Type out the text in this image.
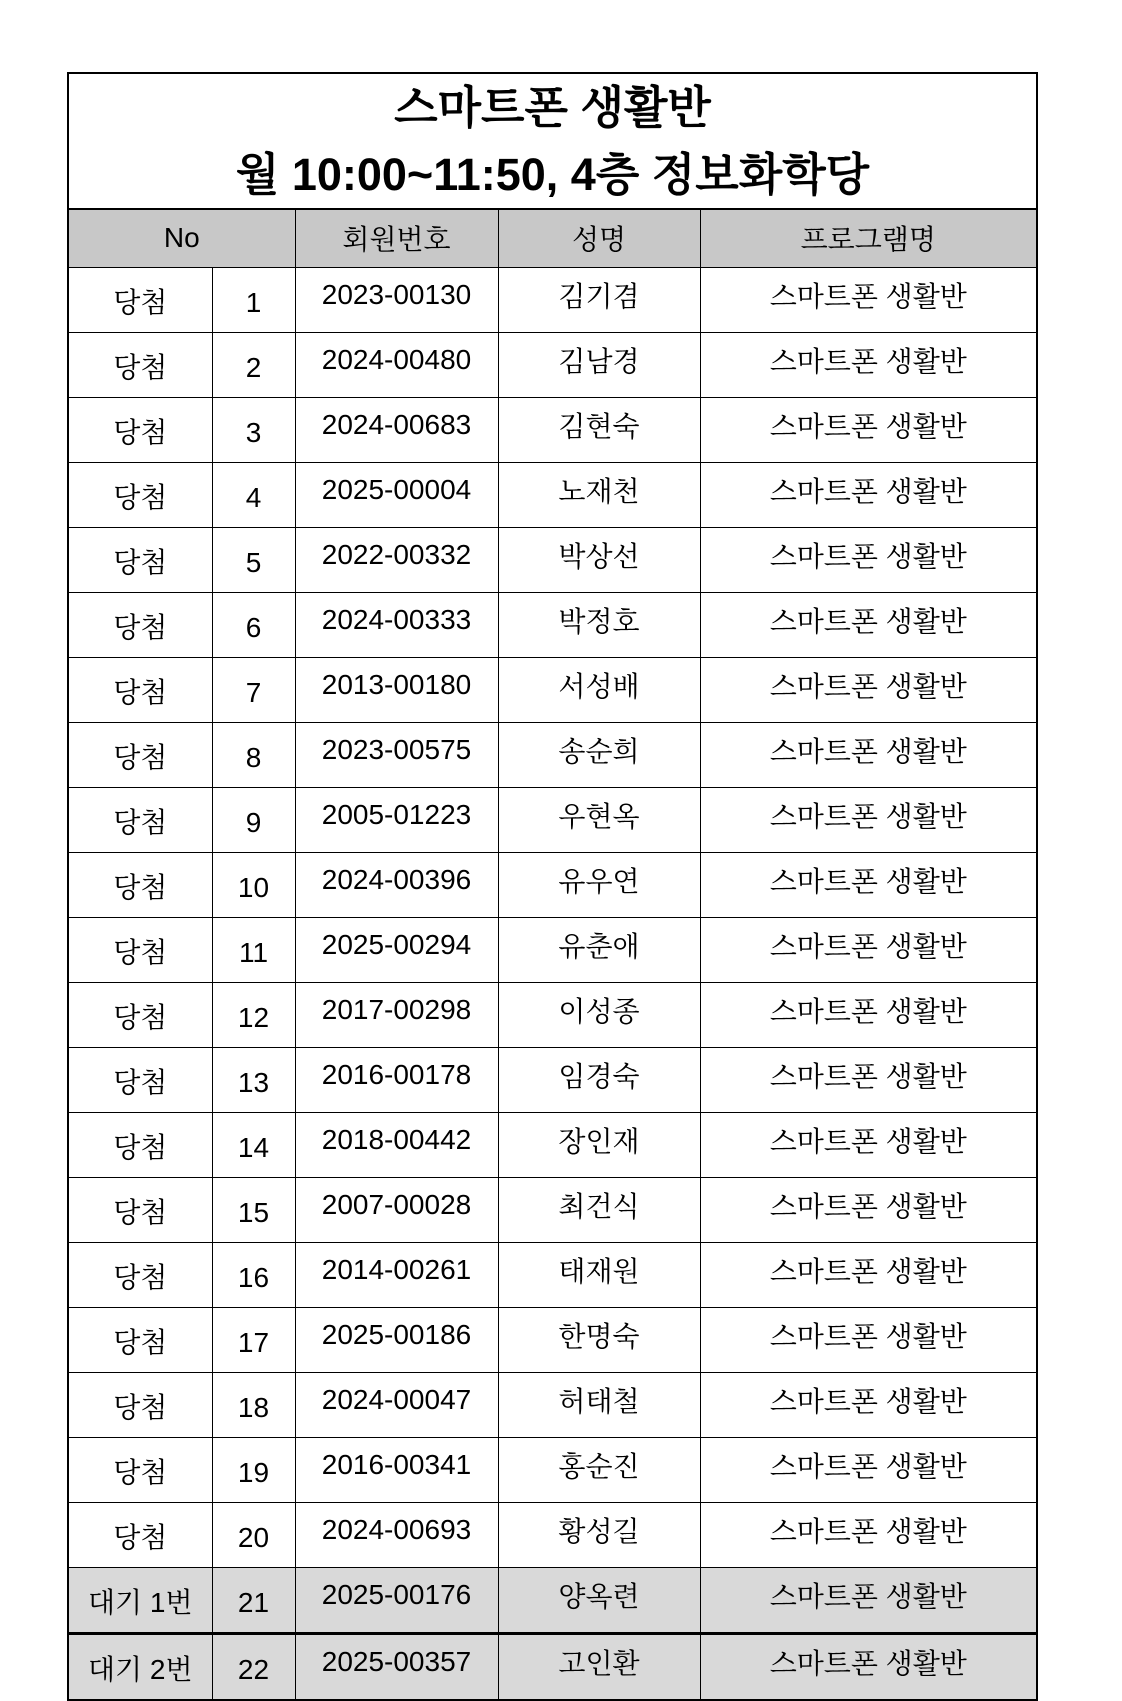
스마트폰 생활반
월 10:00~11:50, 4층 정보화학당				

No		회원번호	성명	프로그램명
당첨	1	2023-00130	김기겸	스마트폰 생활반
당첨	2	2024-00480	김남경	스마트폰 생활반
당첨	3	2024-00683	김현숙	스마트폰 생활반
당첨	4	2025-00004	노재천	스마트폰 생활반
당첨	5	2022-00332	박상선	스마트폰 생활반
당첨	6	2024-00333	박정호	스마트폰 생활반
당첨	7	2013-00180	서성배	스마트폰 생활반
당첨	8	2023-00575	송순희	스마트폰 생활반
당첨	9	2005-01223	우현옥	스마트폰 생활반
당첨	10	2024-00396	유우연	스마트폰 생활반
당첨	11	2025-00294	유춘애	스마트폰 생활반
당첨	12	2017-00298	이성종	스마트폰 생활반
당첨	13	2016-00178	임경숙	스마트폰 생활반
당첨	14	2018-00442	장인재	스마트폰 생활반
당첨	15	2007-00028	최건식	스마트폰 생활반
당첨	16	2014-00261	태재원	스마트폰 생활반
당첨	17	2025-00186	한명숙	스마트폰 생활반
당첨	18	2024-00047	허태철	스마트폰 생활반
당첨	19	2016-00341	홍순진	스마트폰 생활반
당첨	20	2024-00693	황성길	스마트폰 생활반
대기 1번	21	2025-00176	양옥련	스마트폰 생활반
대기 2번	22	2025-00357	고인환	스마트폰 생활반
